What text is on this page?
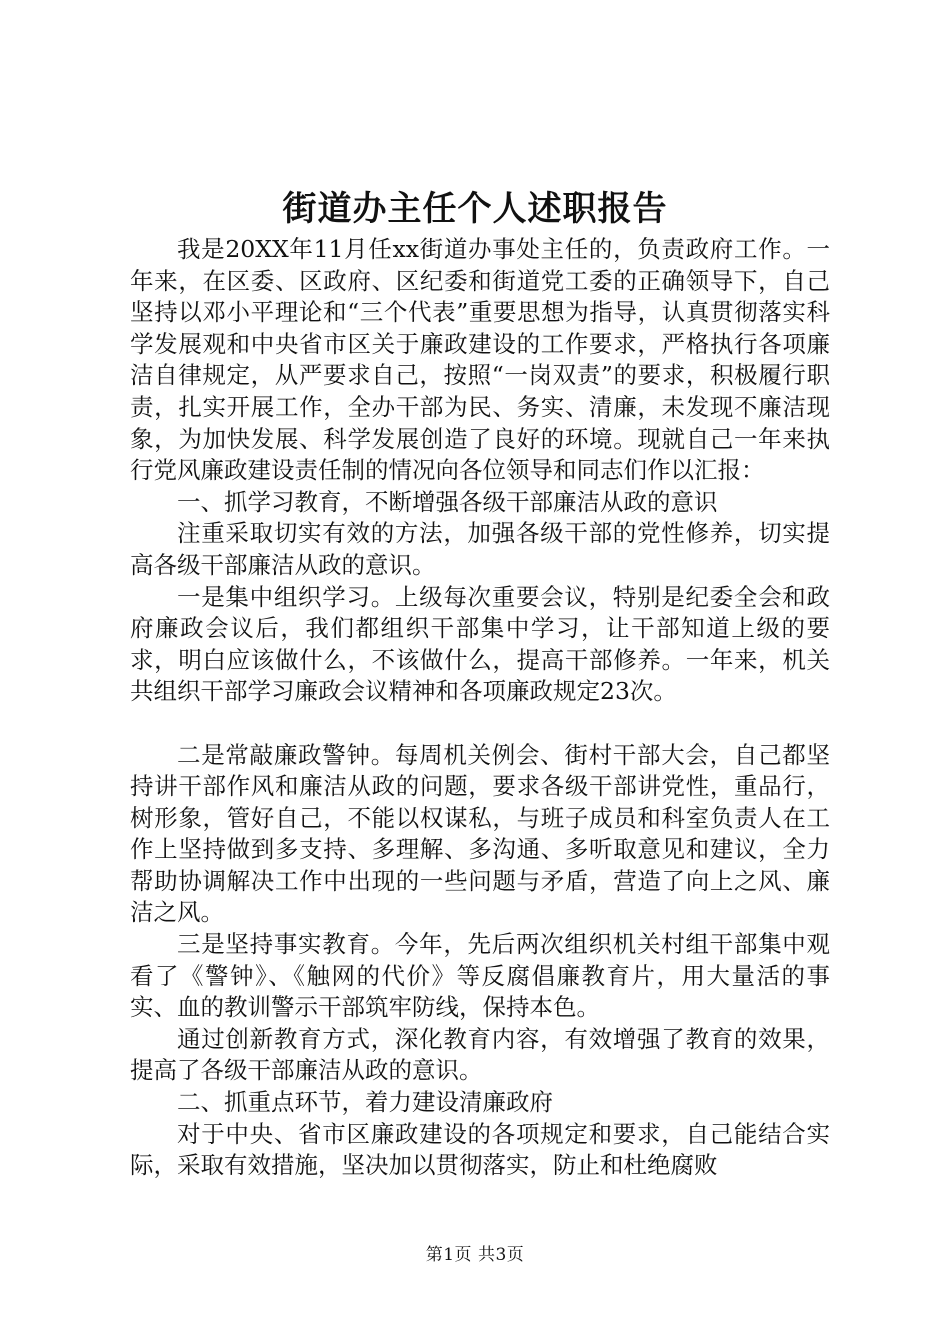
街道办主任个人述职报告

我是20XX年11月任xx街道办事处主任的，负责政府工作。一年来，在区委、区政府、区纪委和街道党工委的正确领导下，自己坚持以邓小平理论和“三个代表”重要思想为指导，认真贯彻落实科学发展观和中央省市区关于廉政建设的工作要求，严格执行各项廉洁自律规定，从严要求自己，按照“一岗双责”的要求，积极履行职责，扎实开展工作，全办干部为民、务实、清廉，未发现不廉洁现象，为加快发展、科学发展创造了良好的环境。现就自己一年来执行党风廉政建设责任制的情况向各位领导和同志们作以汇报：

一、抓学习教育，不断增强各级干部廉洁从政的意识

注重采取切实有效的方法，加强各级干部的党性修养，切实提高各级干部廉洁从政的意识。

一是集中组织学习。上级每次重要会议，特别是纪委全会和政府廉政会议后，我们都组织干部集中学习，让干部知道上级的要求，明白应该做什么，不该做什么，提高干部修养。一年来，机关共组织干部学习廉政会议精神和各项廉政规定23次。

二是常敲廉政警钟。每周机关例会、街村干部大会，自己都坚持讲干部作风和廉洁从政的问题，要求各级干部讲党性，重品行，树形象，管好自己，不能以权谋私，与班子成员和科室负责人在工作上坚持做到多支持、多理解、多沟通、多听取意见和建议，全力帮助协调解决工作中出现的一些问题与矛盾，营造了向上之风、廉洁之风。

三是坚持事实教育。今年，先后两次组织机关村组干部集中观看了《警钟》、《触网的代价》等反腐倡廉教育片，用大量活的事实、血的教训警示干部筑牢防线，保持本色。

通过创新教育方式，深化教育内容，有效增强了教育的效果，提高了各级干部廉洁从政的意识。

二、抓重点环节，着力建设清廉政府

对于中央、省市区廉政建设的各项规定和要求，自己能结合实际，采取有效措施，坚决加以贯彻落实，防止和杜绝腐败

第1页 共3页
